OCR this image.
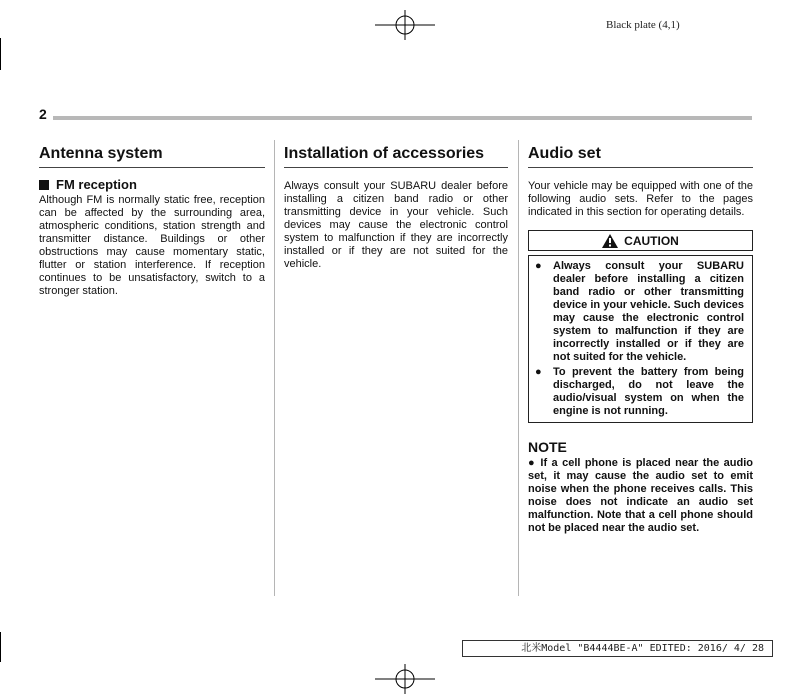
Black plate (4,1)
2
Antenna system
FM reception

Although FM is normally static free, reception can be affected by the surrounding area, atmospheric conditions, station strength and transmitter distance. Buildings or other obstructions may cause momentary static, flutter or station interference. If reception continues to be unsatisfactory, switch to a stronger station.

Installation of accessories

Always consult your SUBARU dealer before installing a citizen band radio or other transmitting device in your vehicle. Such devices may cause the electronic control system to malfunction if they are incorrectly installed or if they are not suited for the vehicle.

Audio set

Your vehicle may be equipped with one of the following audio sets. Refer to the pages indicated in this section for operating details.

CAUTION
●	Always consult your SUBARU dealer before installing a citizen band radio or other transmitting device in your vehicle. Such devices may cause the electronic control system to malfunction if they are incorrectly installed or if they are not suited for the vehicle.
●	To prevent the battery from being discharged, do not leave the audio/visual system on when the engine is not running.
NOTE

● If a cell phone is placed near the audio set, it may cause the audio set to emit noise when the phone receives calls. This noise does not indicate an audio set malfunction. Note that a cell phone should not be placed near the audio set.

北米Model "B4444BE-A" EDITED: 2016/ 4/ 28
